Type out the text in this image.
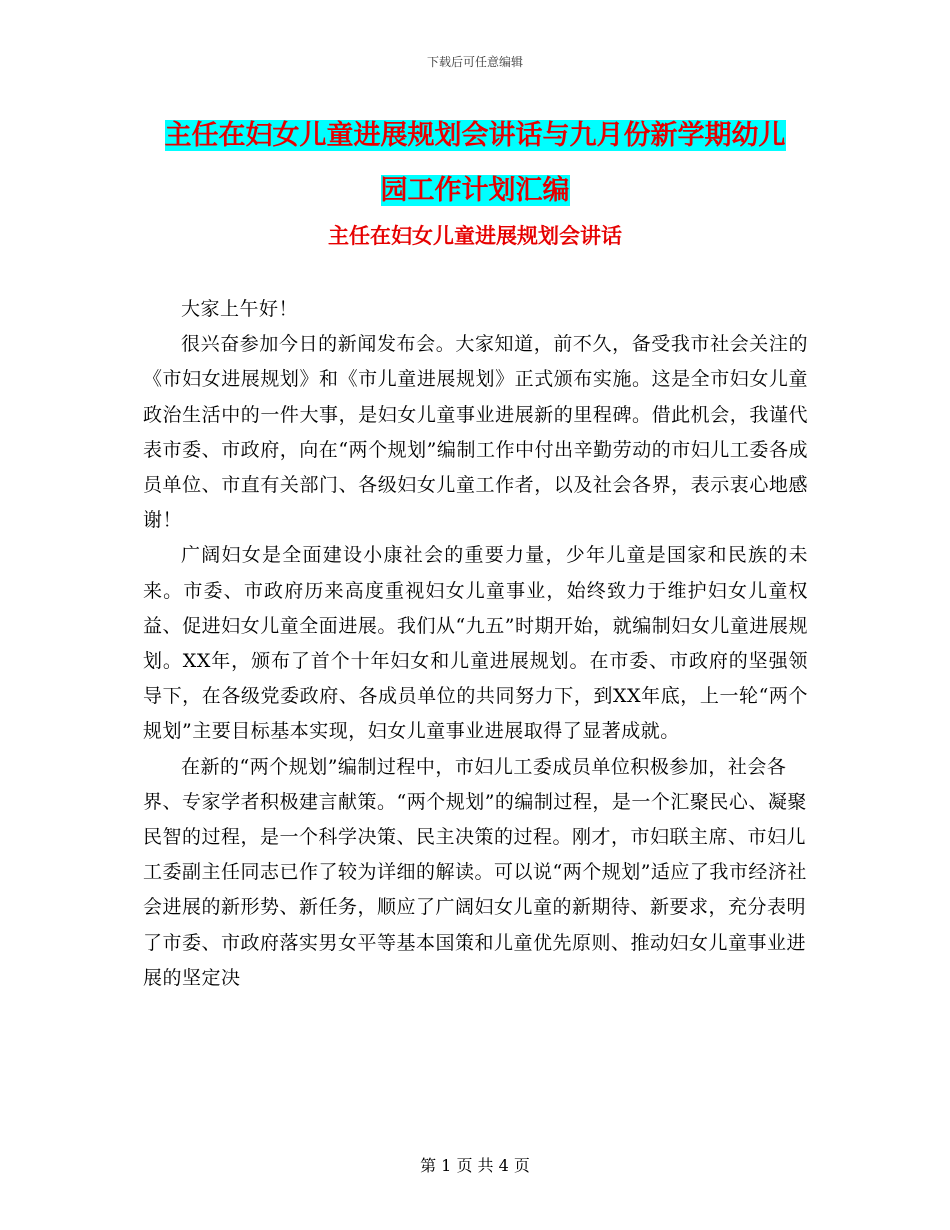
下载后可任意编辑
主任在妇女儿童进展规划会讲话与九月份新学期幼儿
园工作计划汇编
主任在妇女儿童进展规划会讲话

大家上午好！

很兴奋参加今日的新闻发布会。大家知道，前不久，备受我市社会关注的《市妇女进展规划》和《市儿童进展规划》正式颁布实施。这是全市妇女儿童政治生活中的一件大事，是妇女儿童事业进展新的里程碑。借此机会，我谨代表市委、市政府，向在“两个规划”编制工作中付出辛勤劳动的市妇儿工委各成员单位、市直有关部门、各级妇女儿童工作者，以及社会各界，表示衷心地感谢！

广阔妇女是全面建设小康社会的重要力量，少年儿童是国家和民族的未来。市委、市政府历来高度重视妇女儿童事业，始终致力于维护妇女儿童权益、促进妇女儿童全面进展。我们从“九五”时期开始，就编制妇女儿童进展规划。XX年，颁布了首个十年妇女和儿童进展规划。在市委、市政府的坚强领导下，在各级党委政府、各成员单位的共同努力下，到XX年底，上一轮“两个规划”主要目标基本实现，妇女儿童事业进展取得了显著成就。

在新的“两个规划”编制过程中，市妇儿工委成员单位积极参加，社会各界、专家学者积极建言献策。“两个规划”的编制过程，是一个汇聚民心、凝聚民智的过程，是一个科学决策、民主决策的过程。刚才，市妇联主席、市妇儿工委副主任同志已作了较为详细的解读。可以说“两个规划”适应了我市经济社会进展的新形势、新任务，顺应了广阔妇女儿童的新期待、新要求，充分表明了市委、市政府落实男女平等基本国策和儿童优先原则、推动妇女儿童事业进展的坚定决

第 1 页 共 4 页
